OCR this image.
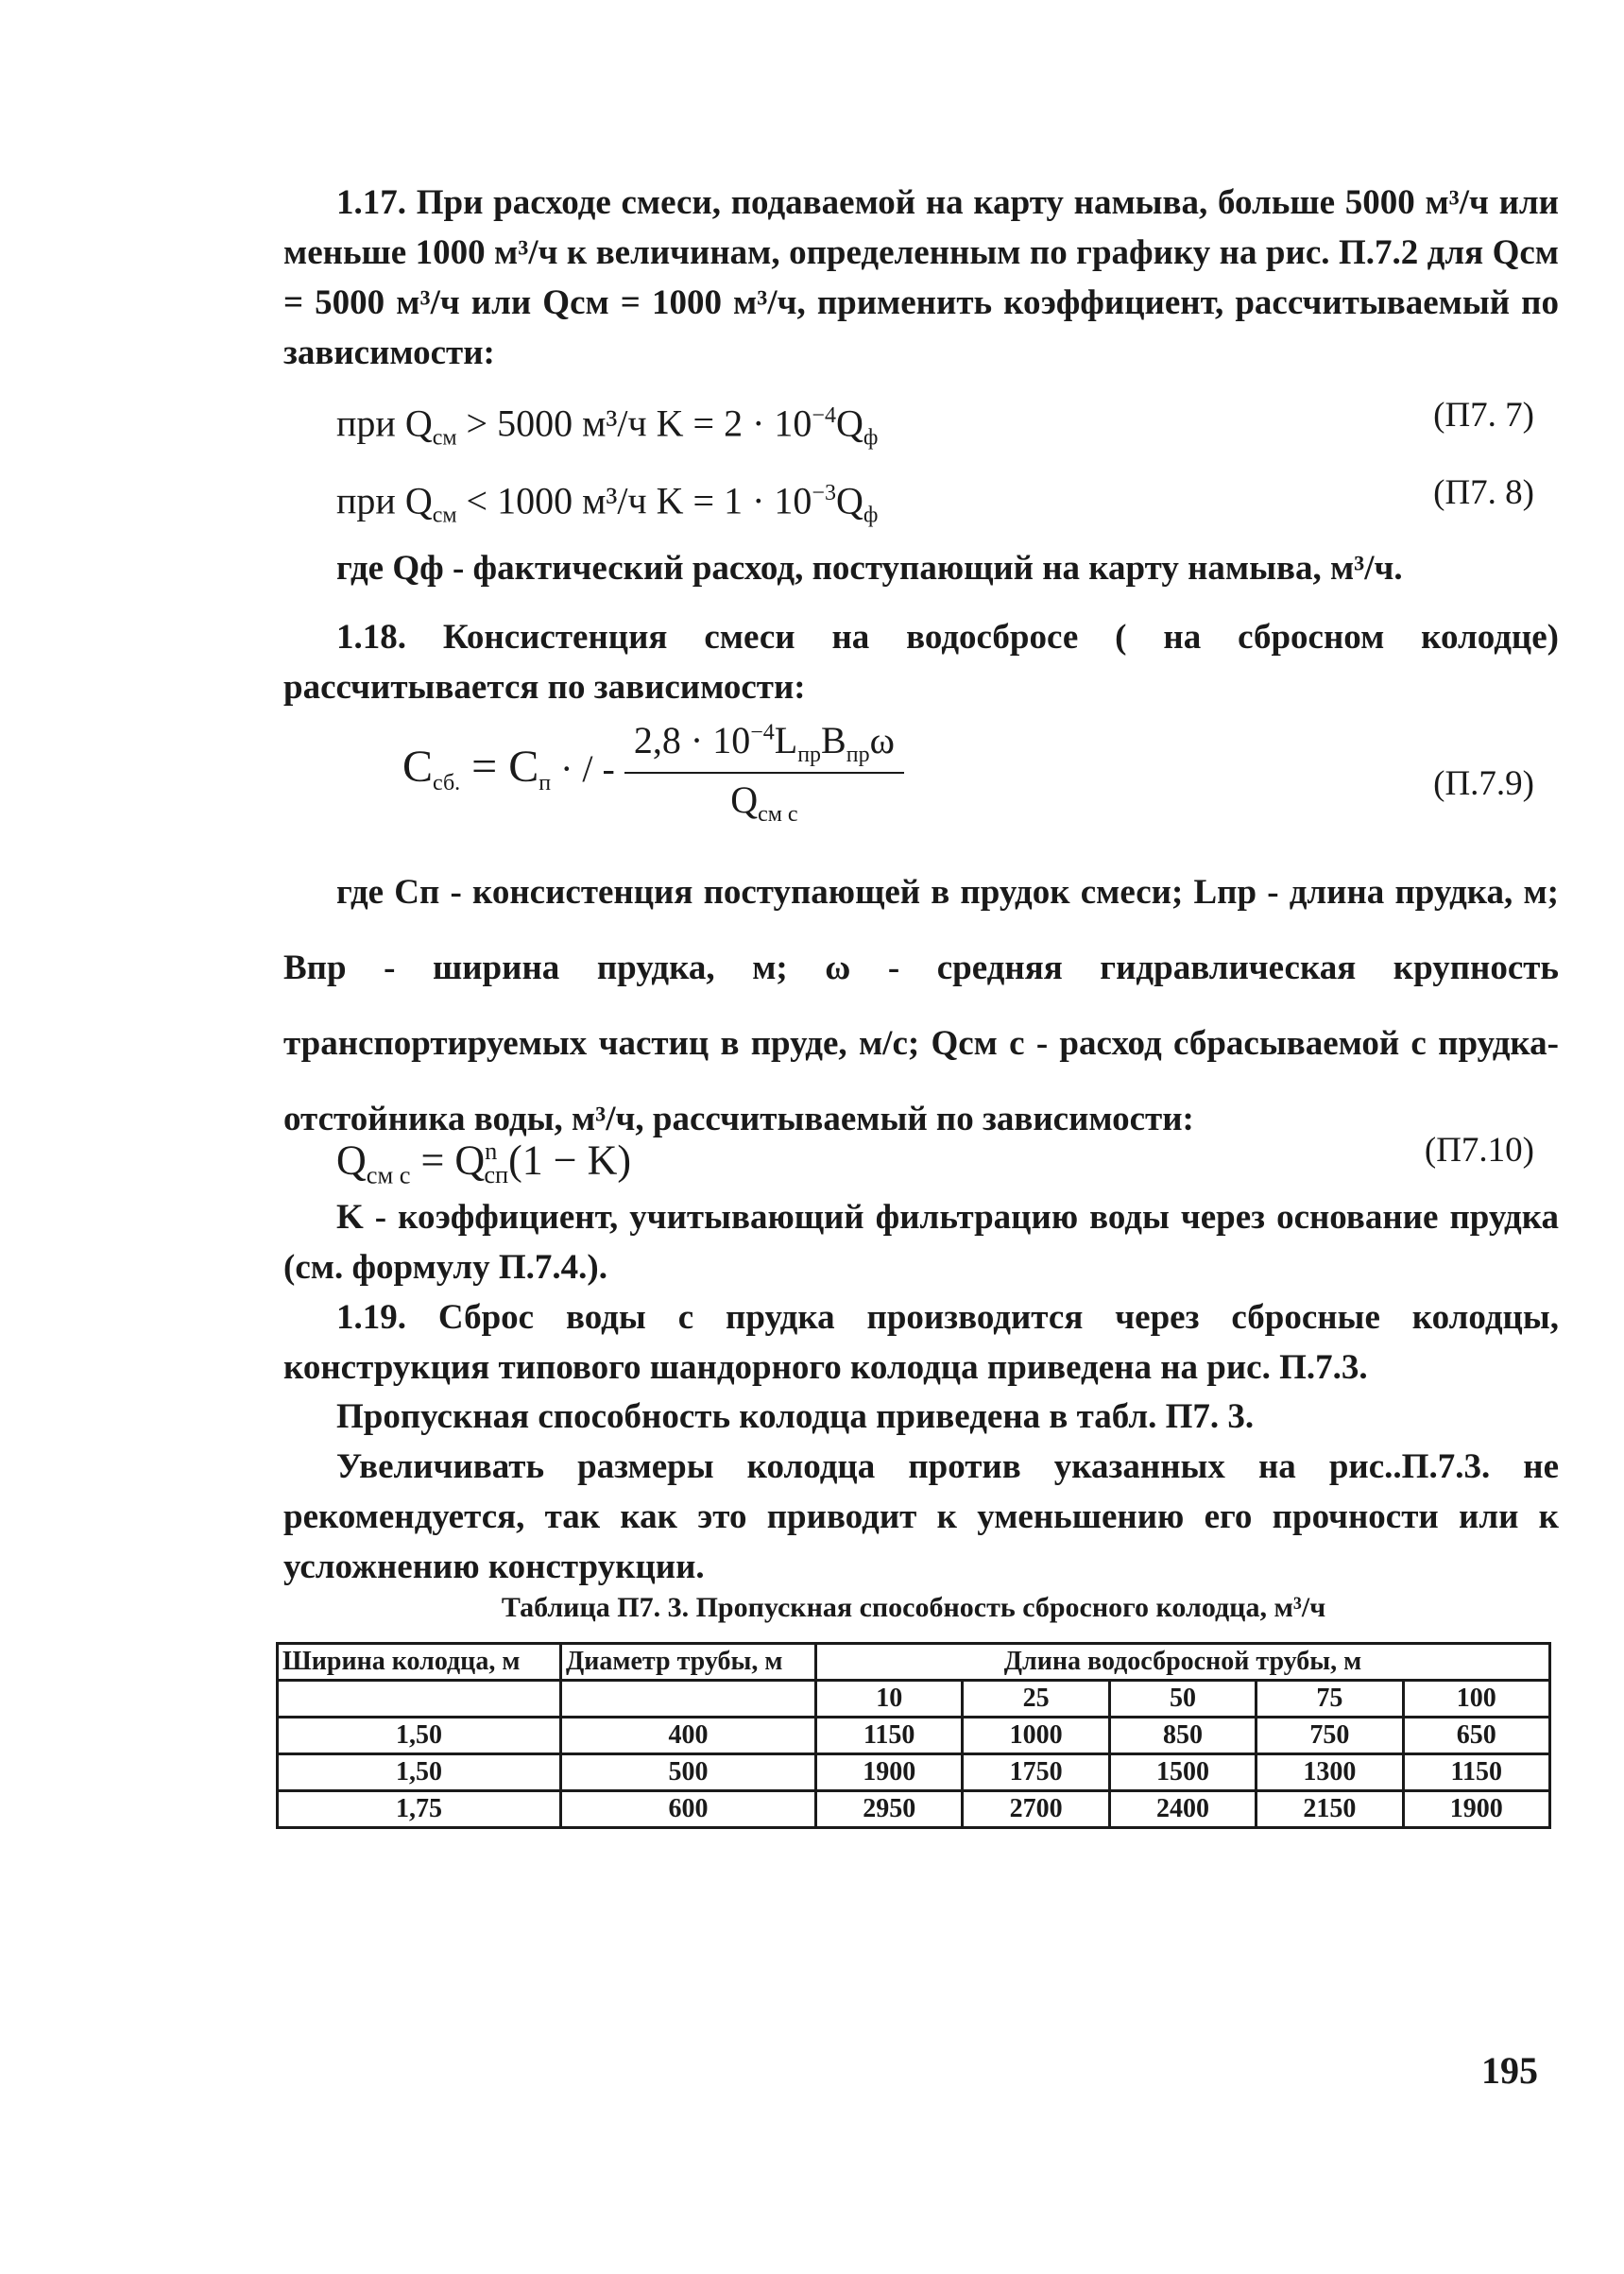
1.17. При расходе смеси, подаваемой на карту намыва, больше 5000 м³/ч или меньше 1000 м³/ч к величинам, определенным по графику на рис. П.7.2 для Qсм = 5000 м³/ч или Qсм = 1000 м³/ч, применить коэффициент, рассчитываемый по зависимости:
при $Q_{см} > 5000$ м³/ч $K = 2 \cdot 10^{-4}Q_ф$
(П7. 7)
при $Q_{см} < 1000$ м³/ч $K = 1 \cdot 10^{-3}Q_ф$
(П7. 8)
где Qф - фактический расход, поступающий на карту намыва, м³/ч.
1.18. Консистенция смеси на водосбросе ( на сбросном колодце) рассчитывается по зависимости:
$C_{сб.} = C_п$ · / - $\frac{2,8 \cdot 10^{-4}L_{пр}B_{пр}\omega}{Q_{см с}}$	(П.7.9)
где Cп - консистенция поступающей в прудок смеси; Lпр - длина прудка, м; Bпр - ширина прудка, м; ω - средняя гидравлическая крупность транспортируемых частиц в пруде, м/с; Qсм с - расход сбрасываемой с прудка-отстойника воды, м³/ч, рассчитываемый по зависимости:
$Q_{см с} = Q^n_{сп}(1 - K)$	(П7.10)
K - коэффициент, учитывающий фильтрацию воды через основание прудка (см. формулу П.7.4.).
1.19. Сброс воды с прудка производится через сбросные колодцы, конструкция типового шандорного колодца приведена на рис. П.7.3.
Пропускная способность колодца приведена в табл. П7. 3.
Увеличивать размеры колодца против указанных на рис..П.7.3. не рекомендуется, так как это приводит к уменьшению его прочности или к усложнению конструкции.
Таблица П7. 3. Пропускная способность сбросного колодца, м³/ч
Ширина колодца, м	Диаметр трубы, м	Длина водосбросной трубы, м				
		10	25	50	75	100
1,50	400	1150	1000	850	750	650
1,50	500	1900	1750	1500	1300	1150
1,75	600	2950	2700	2400	2150	1900
195
